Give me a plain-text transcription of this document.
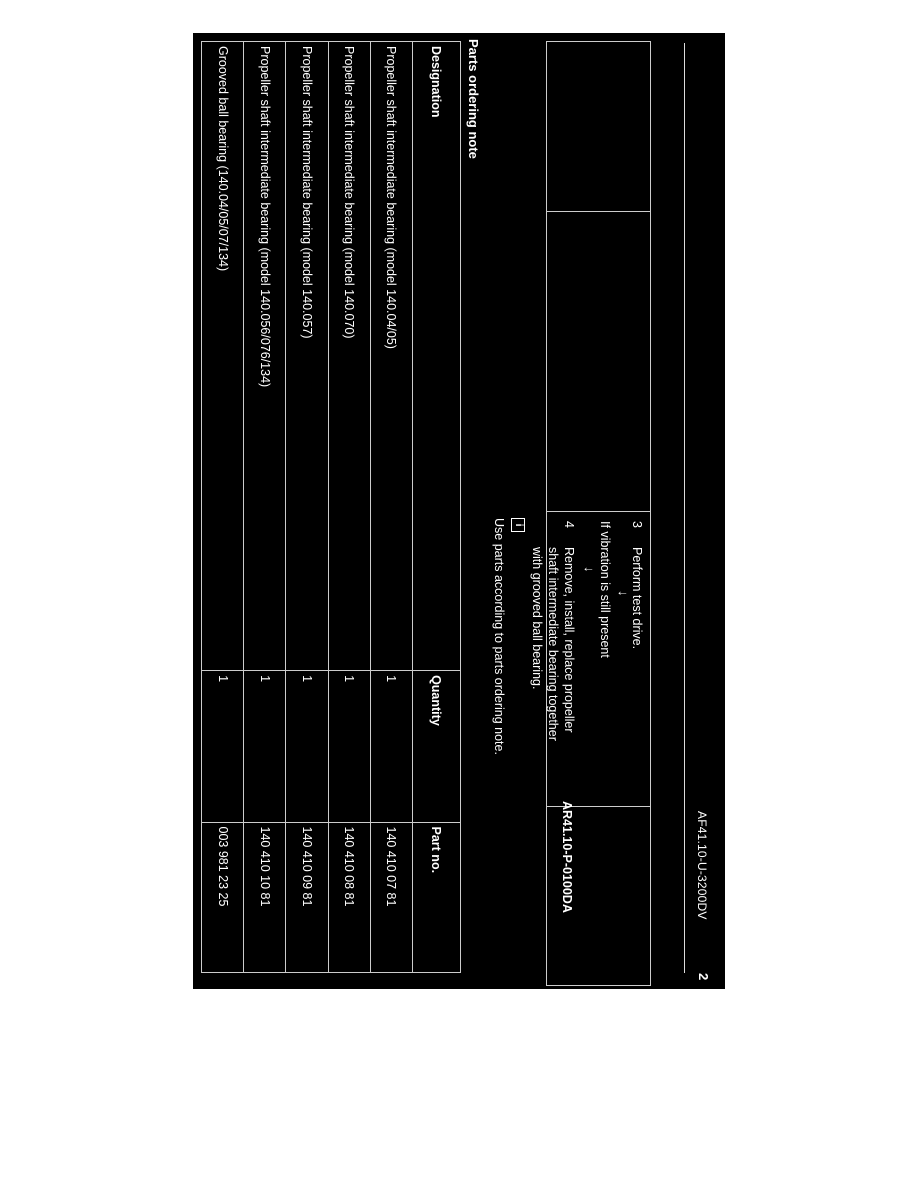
AF41.10-U-3200DV
2

3
Perform test drive.
↓
If vibration is still present
↓
4
Remove, install, replace propeller
shaft intermediate bearing together
with grooved ball bearing.
AR41.10-P-0100DA
i
Use parts according to parts ordering note.
Parts ordering note
Designation	Quantity	Part no.
Propeller shaft intermediate bearing (model 140.04/05)	1	140 410 07 81
Propeller shaft intermediate bearing (model 140.070)	1	140 410 08 81
Propeller shaft intermediate bearing (model 140.057)	1	140 410 09 81
Propeller shaft intermediate bearing (model 140.056/076/134)	1	140 410 10 81
Grooved ball bearing (140.04/05/07/134)	1	003 981 23 25
